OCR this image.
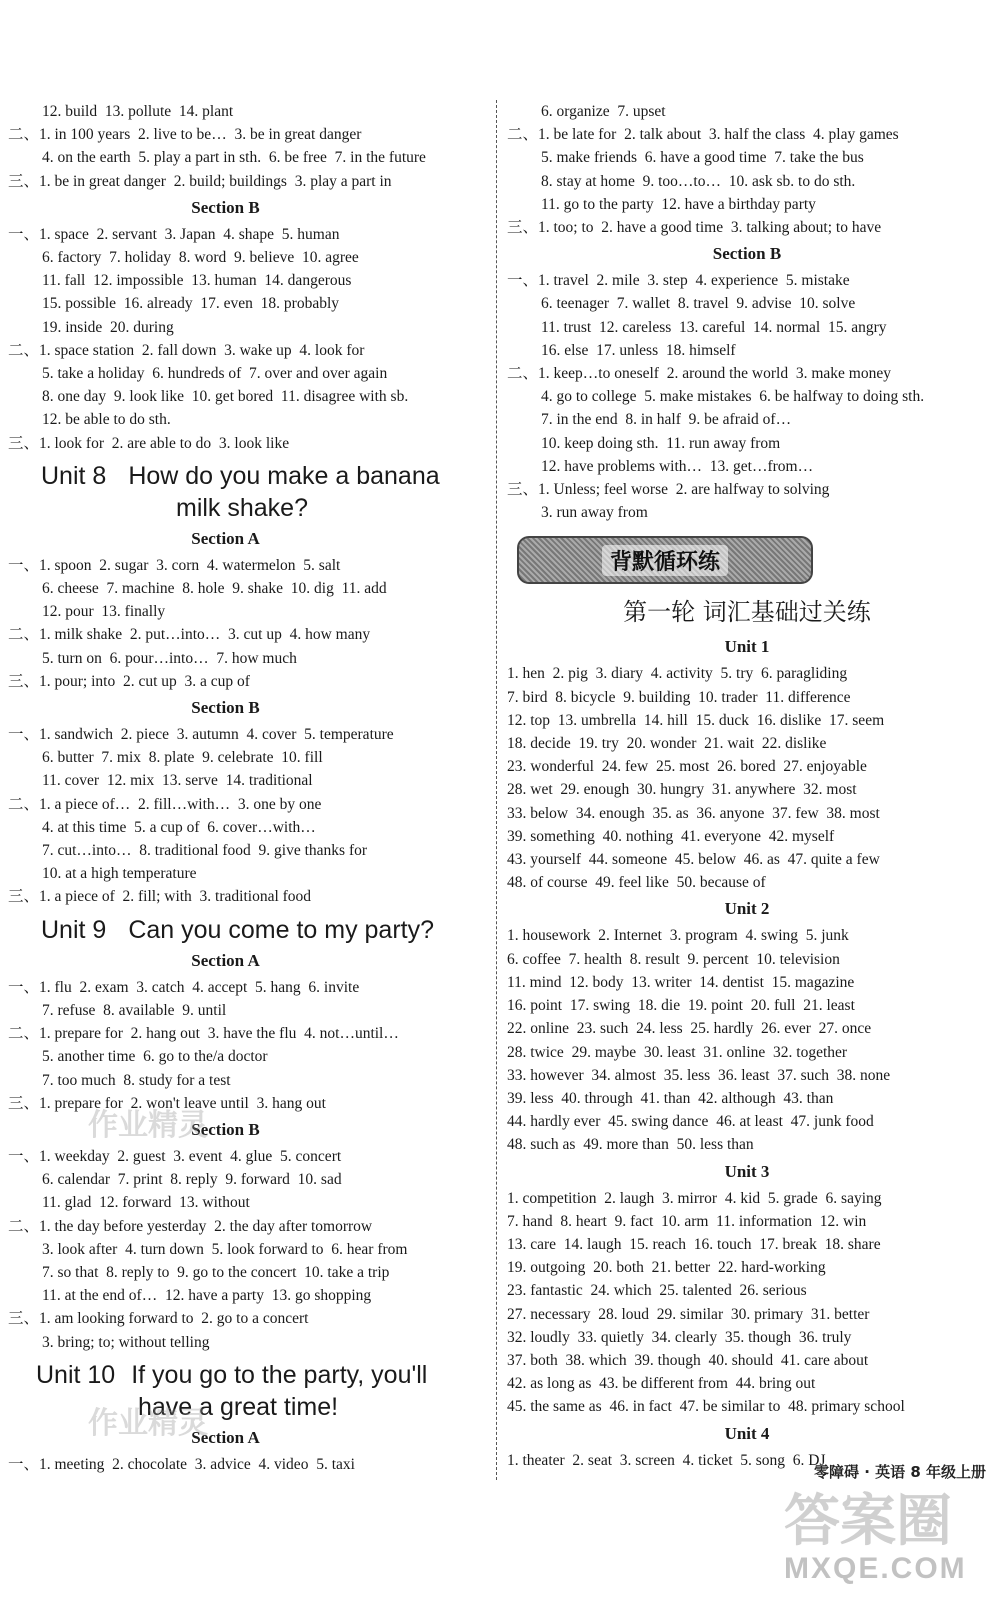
12. build  13. pollute  14. plant
二、1. in 100 years  2. live to be…  3. be in great danger
4. on the earth  5. play a part in sth.  6. be free  7. in the future
三、1. be in great danger  2. build; buildings  3. play a part in
Section B
一、1. space  2. servant  3. Japan  4. shape  5. human
6. factory  7. holiday  8. word  9. believe  10. agree
11. fall  12. impossible  13. human  14. dangerous
15. possible  16. already  17. even  18. probably
19. inside  20. during
二、1. space station  2. fall down  3. wake up  4. look for
5. take a holiday  6. hundreds of  7. over and over again
8. one day  9. look like  10. get bored  11. disagree with sb.
12. be able to do sth.
三、1. look for  2. are able to do  3. look like
Unit 8 How do you make a banana
milk shake?
Section A
一、1. spoon  2. sugar  3. corn  4. watermelon  5. salt
6. cheese  7. machine  8. hole  9. shake  10. dig  11. add
12. pour  13. finally
二、1. milk shake  2. put…into…  3. cut up  4. how many
5. turn on  6. pour…into…  7. how much
三、1. pour; into  2. cut up  3. a cup of
Section B
一、1. sandwich  2. piece  3. autumn  4. cover  5. temperature
6. butter  7. mix  8. plate  9. celebrate  10. fill
11. cover  12. mix  13. serve  14. traditional
二、1. a piece of…  2. fill…with…  3. one by one
4. at this time  5. a cup of  6. cover…with…
7. cut…into…  8. traditional food  9. give thanks for
10. at a high temperature
三、1. a piece of  2. fill; with  3. traditional food
Unit 9 Can you come to my party?
Section A
一、1. flu  2. exam  3. catch  4. accept  5. hang  6. invite
7. refuse  8. available  9. until
二、1. prepare for  2. hang out  3. have the flu  4. not…until…
5. another time  6. go to the/a doctor
7. too much  8. study for a test
三、1. prepare for  2. won't leave until  3. hang out
Section B
一、1. weekday  2. guest  3. event  4. glue  5. concert
6. calendar  7. print  8. reply  9. forward  10. sad
11. glad  12. forward  13. without
二、1. the day before yesterday  2. the day after tomorrow
3. look after  4. turn down  5. look forward to  6. hear from
7. so that  8. reply to  9. go to the concert  10. take a trip
11. at the end of…  12. have a party  13. go shopping
三、1. am looking forward to  2. go to a concert
3. bring; to; without telling
Unit 10 If you go to the party, you'll
have a great time!
Section A
一、1. meeting  2. chocolate  3. advice  4. video  5. taxi
6. organize  7. upset
二、1. be late for  2. talk about  3. half the class  4. play games
5. make friends  6. have a good time  7. take the bus
8. stay at home  9. too…to…  10. ask sb. to do sth.
11. go to the party  12. have a birthday party
三、1. too; to  2. have a good time  3. talking about; to have
Section B
一、1. travel  2. mile  3. step  4. experience  5. mistake
6. teenager  7. wallet  8. travel  9. advise  10. solve
11. trust  12. careless  13. careful  14. normal  15. angry
16. else  17. unless  18. himself
二、1. keep…to oneself  2. around the world  3. make money
4. go to college  5. make mistakes  6. be halfway to doing sth.
7. in the end  8. in half  9. be afraid of…
10. keep doing sth.  11. run away from
12. have problems with…  13. get…from…
三、1. Unless; feel worse  2. are halfway to solving
3. run away from
背默循环练
第一轮 词汇基础过关练
Unit 1
1. hen  2. pig  3. diary  4. activity  5. try  6. paragliding
7. bird  8. bicycle  9. building  10. trader  11. difference
12. top  13. umbrella  14. hill  15. duck  16. dislike  17. seem
18. decide  19. try  20. wonder  21. wait  22. dislike
23. wonderful  24. few  25. most  26. bored  27. enjoyable
28. wet  29. enough  30. hungry  31. anywhere  32. most
33. below  34. enough  35. as  36. anyone  37. few  38. most
39. something  40. nothing  41. everyone  42. myself
43. yourself  44. someone  45. below  46. as  47. quite a few
48. of course  49. feel like  50. because of
Unit 2
1. housework  2. Internet  3. program  4. swing  5. junk
6. coffee  7. health  8. result  9. percent  10. television
11. mind  12. body  13. writer  14. dentist  15. magazine
16. point  17. swing  18. die  19. point  20. full  21. least
22. online  23. such  24. less  25. hardly  26. ever  27. once
28. twice  29. maybe  30. least  31. online  32. together
33. however  34. almost  35. less  36. least  37. such  38. none
39. less  40. through  41. than  42. although  43. than
44. hardly ever  45. swing dance  46. at least  47. junk food
48. such as  49. more than  50. less than
Unit 3
1. competition  2. laugh  3. mirror  4. kid  5. grade  6. saying
7. hand  8. heart  9. fact  10. arm  11. information  12. win
13. care  14. laugh  15. reach  16. touch  17. break  18. share
19. outgoing  20. both  21. better  22. hard-working
23. fantastic  24. which  25. talented  26. serious
27. necessary  28. loud  29. similar  30. primary  31. better
32. loudly  33. quietly  34. clearly  35. though  36. truly
37. both  38. which  39. though  40. should  41. care about
42. as long as  43. be different from  44. bring out
45. the same as  46. in fact  47. be similar to  48. primary school
Unit 4
1. theater  2. seat  3. screen  4. ticket  5. song  6. DJ
零障碍 · 英语 8 年级上册
作业精灵
作业精灵
答案圈
MXQE.COM
